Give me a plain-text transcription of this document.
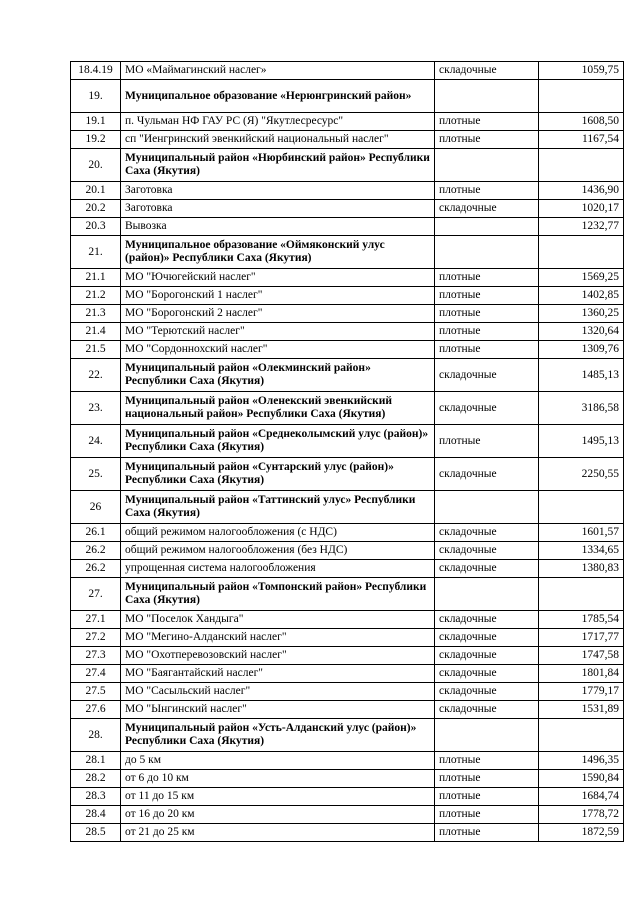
18.4.19	МО «Маймагинский наслег»	складочные	1059,75
19.	Муниципальное образование «Нерюнгринский район»		
19.1	п. Чульман НФ ГАУ РС (Я) "Якутлесресурс"	плотные	1608,50
19.2	сп "Иенгринский эвенкийский национальный наслег"	плотные	1167,54
20.	Муниципальный район «Нюрбинский район» Республики Саха (Якутия)		
20.1	Заготовка	плотные	1436,90
20.2	Заготовка	складочные	1020,17
20.3	Вывозка		1232,77
21.	Муниципальное образование «Оймяконский улус (район)» Республики Саха (Якутия)		
21.1	МО "Ючюгейский наслег"	плотные	1569,25
21.2	МО "Борогонский 1 наслег"	плотные	1402,85
21.3	МО "Борогонский 2 наслег"	плотные	1360,25
21.4	МО "Терютский наслег"	плотные	1320,64
21.5	МО "Сордоннохский наслег"	плотные	1309,76
22.	Муниципальный район «Олекминский район» Республики Саха (Якутия)	складочные	1485,13
23.	Муниципальный район «Оленекский эвенкийский национальный район» Республики Саха (Якутия)	складочные	3186,58
24.	Муниципальный район «Среднеколымский улус (район)» Республики Саха (Якутия)	плотные	1495,13
25.	Муниципальный район «Сунтарский улус (район)» Республики Саха (Якутия)	складочные	2250,55
26	Муниципальный район «Таттинский улус» Республики Саха (Якутия)		
26.1	общий режимом налогообложения (с НДС)	складочные	1601,57
26.2	общий режимом налогообложения (без НДС)	складочные	1334,65
26.2	упрощенная система налогообложения	складочные	1380,83
27.	Муниципальный район «Томпонский район» Республики Саха (Якутия)		
27.1	МО "Поселок Хандыга"	складочные	1785,54
27.2	МО "Мегино-Алданский наслег"	складочные	1717,77
27.3	МО "Охотперевозовский наслег"	складочные	1747,58
27.4	МО "Баягантайский наслег"	складочные	1801,84
27.5	МО "Сасыльский наслег"	складочные	1779,17
27.6	МО "Ынгинский наслег"	складочные	1531,89
28.	Муниципальный район «Усть-Алданский улус (район)» Республики Саха (Якутия)		
28.1	до 5 км	плотные	1496,35
28.2	от 6 до 10 км	плотные	1590,84
28.3	от 11 до 15 км	плотные	1684,74
28.4	от 16 до 20 км	плотные	1778,72
28.5	от 21 до 25 км	плотные	1872,59
